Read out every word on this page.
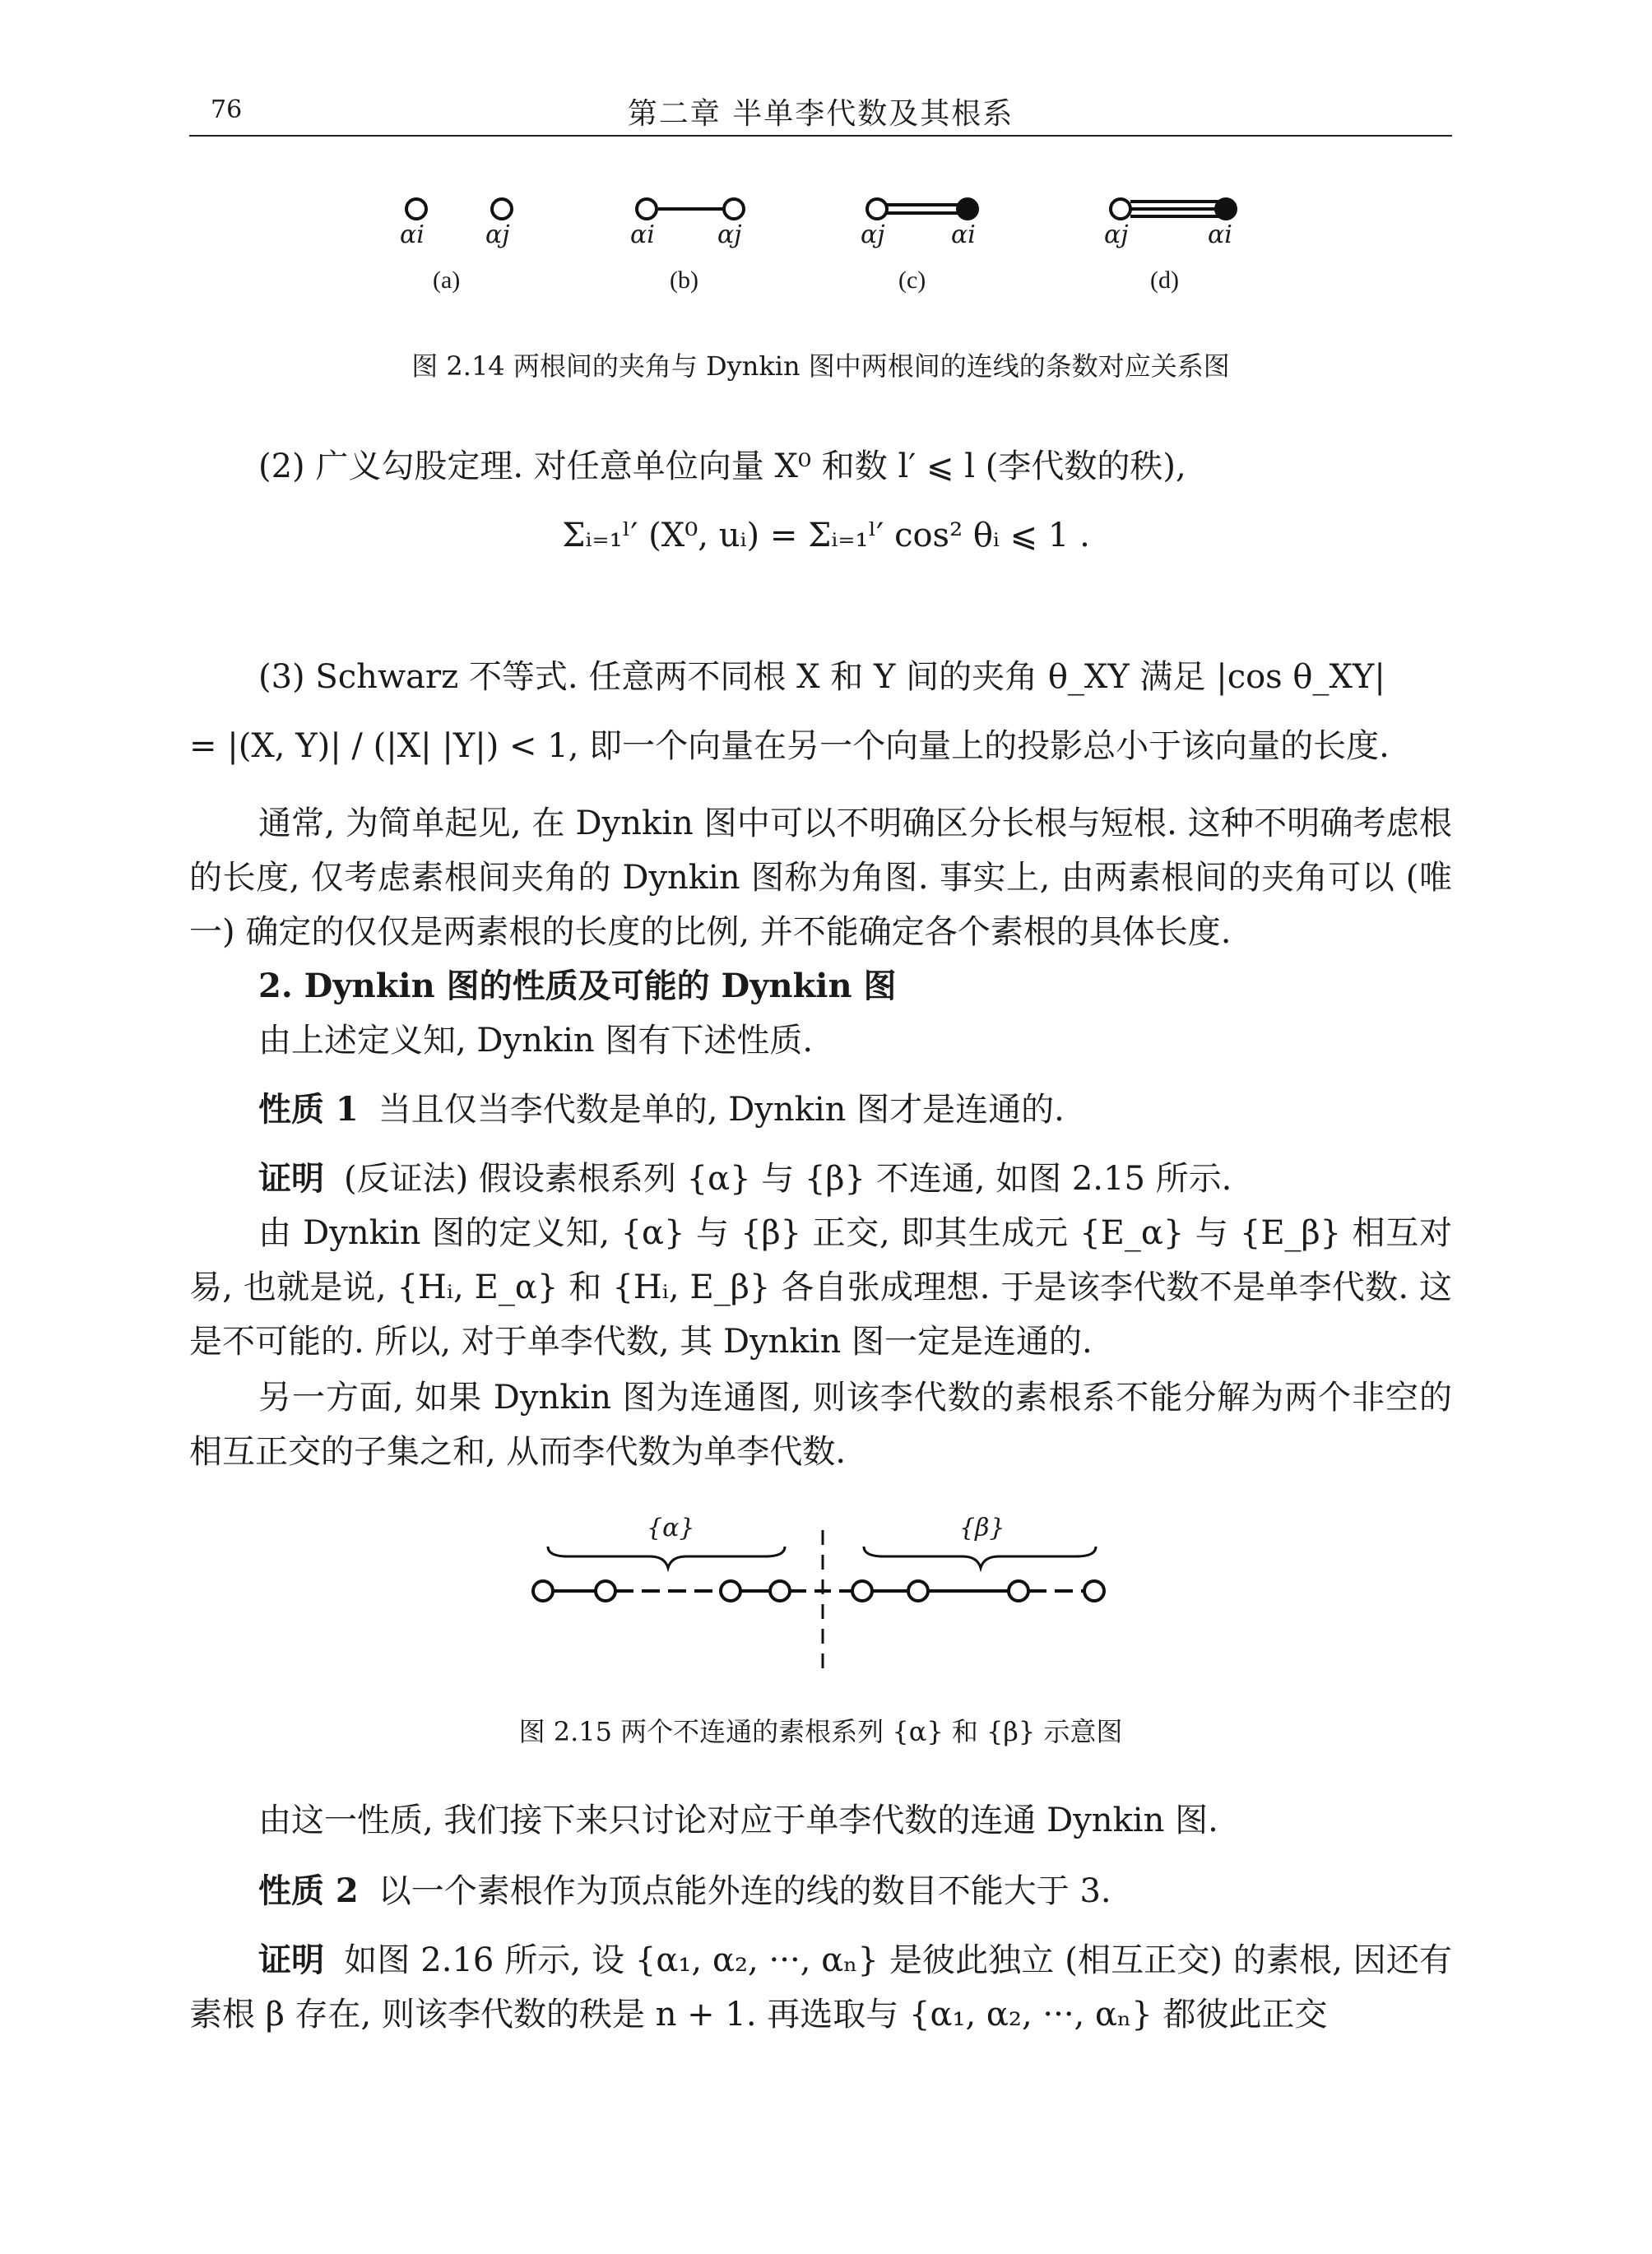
76	第二章 半单李代数及其根系
αi αj	αi	αj	αj	αi	αj	αi
(a)	(b)	(c)	(d)
图 2.14 两根间的夹角与 Dynkin 图中两根间的连线的条数对应关系图
(2) 广义勾股定理. 对任意单位向量 X⁰ 和数 l′ ⩽ l (李代数的秩),
Σᵢ₌₁ˡ′ (X⁰, uᵢ) = Σᵢ₌₁ˡ′ cos² θᵢ ⩽ 1 .
(3) Schwarz 不等式. 任意两不同根 X 和 Y 间的夹角 θ_XY 满足 |cos θ_XY|
= |(X, Y)| / (|X| |Y|) < 1, 即一个向量在另一个向量上的投影总小于该向量的长度.
通常, 为简单起见, 在 Dynkin 图中可以不明确区分长根与短根. 这种不明确考虑根的长度, 仅考虑素根间夹角的 Dynkin 图称为角图. 事实上, 由两素根间的夹角可以 (唯一) 确定的仅仅是两素根的长度的比例, 并不能确定各个素根的具体长度.
2. Dynkin 图的性质及可能的 Dynkin 图
由上述定义知, Dynkin 图有下述性质.
性质 1 当且仅当李代数是单的, Dynkin 图才是连通的.
证明 (反证法) 假设素根系列 {α} 与 {β} 不连通, 如图 2.15 所示.
由 Dynkin 图的定义知, {α} 与 {β} 正交, 即其生成元 {E_α} 与 {E_β} 相互对易, 也就是说, {Hᵢ, E_α} 和 {Hᵢ, E_β} 各自张成理想. 于是该李代数不是单李代数. 这是不可能的. 所以, 对于单李代数, 其 Dynkin 图一定是连通的.
另一方面, 如果 Dynkin 图为连通图, 则该李代数的素根系不能分解为两个非空的相互正交的子集之和, 从而李代数为单李代数.
{α}	{β}
图 2.15 两个不连通的素根系列 {α} 和 {β} 示意图
由这一性质, 我们接下来只讨论对应于单李代数的连通 Dynkin 图.
性质 2 以一个素根作为顶点能外连的线的数目不能大于 3.
证明 如图 2.16 所示, 设 {α₁, α₂, ···, αₙ} 是彼此独立 (相互正交) 的素根, 因还有素根 β 存在, 则该李代数的秩是 n + 1. 再选取与 {α₁, α₂, ···, αₙ} 都彼此正交
